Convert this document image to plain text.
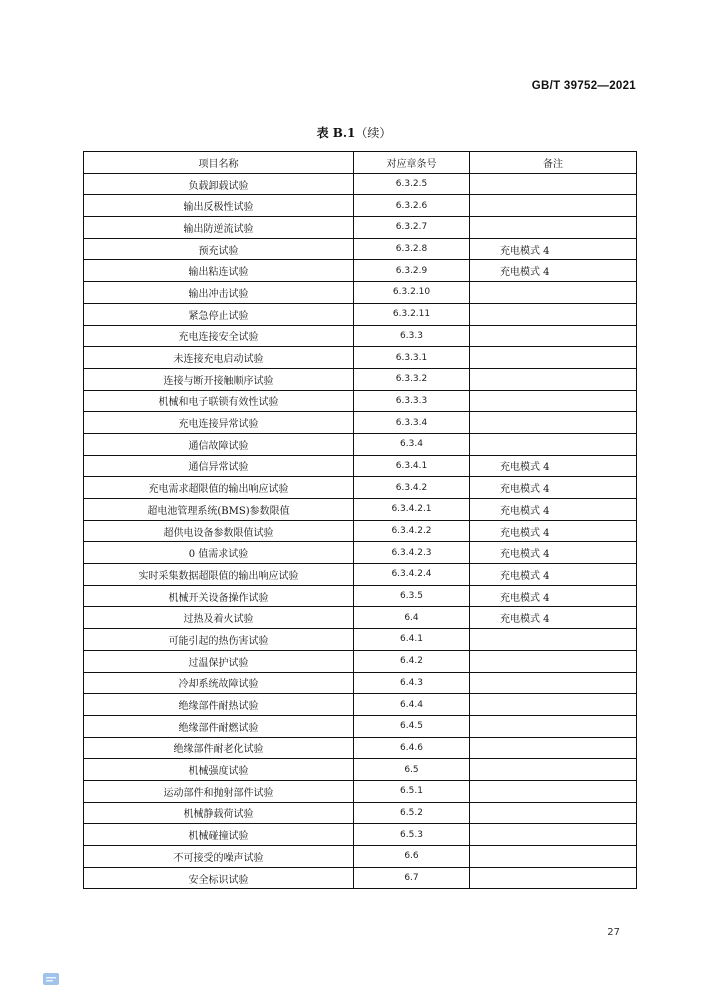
GB/T 39752—2021
表 B.1（续）
项目名称	对应章条号	备注
负载卸载试验	6.3.2.5	
输出反极性试验	6.3.2.6	
输出防逆流试验	6.3.2.7	
预充试验	6.3.2.8	充电模式 4
输出粘连试验	6.3.2.9	充电模式 4
输出冲击试验	6.3.2.10	
紧急停止试验	6.3.2.11	
充电连接安全试验	6.3.3	
未连接充电启动试验	6.3.3.1	
连接与断开接触顺序试验	6.3.3.2	
机械和电子联锁有效性试验	6.3.3.3	
充电连接异常试验	6.3.3.4	
通信故障试验	6.3.4	
通信异常试验	6.3.4.1	充电模式 4
充电需求超限值的输出响应试验	6.3.4.2	充电模式 4
超电池管理系统(BMS)参数限值	6.3.4.2.1	充电模式 4
超供电设备参数限值试验	6.3.4.2.2	充电模式 4
0 值需求试验	6.3.4.2.3	充电模式 4
实时采集数据超限值的输出响应试验	6.3.4.2.4	充电模式 4
机械开关设备操作试验	6.3.5	充电模式 4
过热及着火试验	6.4	充电模式 4
可能引起的热伤害试验	6.4.1	
过温保护试验	6.4.2	
冷却系统故障试验	6.4.3	
绝缘部件耐热试验	6.4.4	
绝缘部件耐燃试验	6.4.5	
绝缘部件耐老化试验	6.4.6	
机械强度试验	6.5	
运动部件和抛射部件试验	6.5.1	
机械静载荷试验	6.5.2	
机械碰撞试验	6.5.3	
不可接受的噪声试验	6.6	
安全标识试验	6.7	
27
